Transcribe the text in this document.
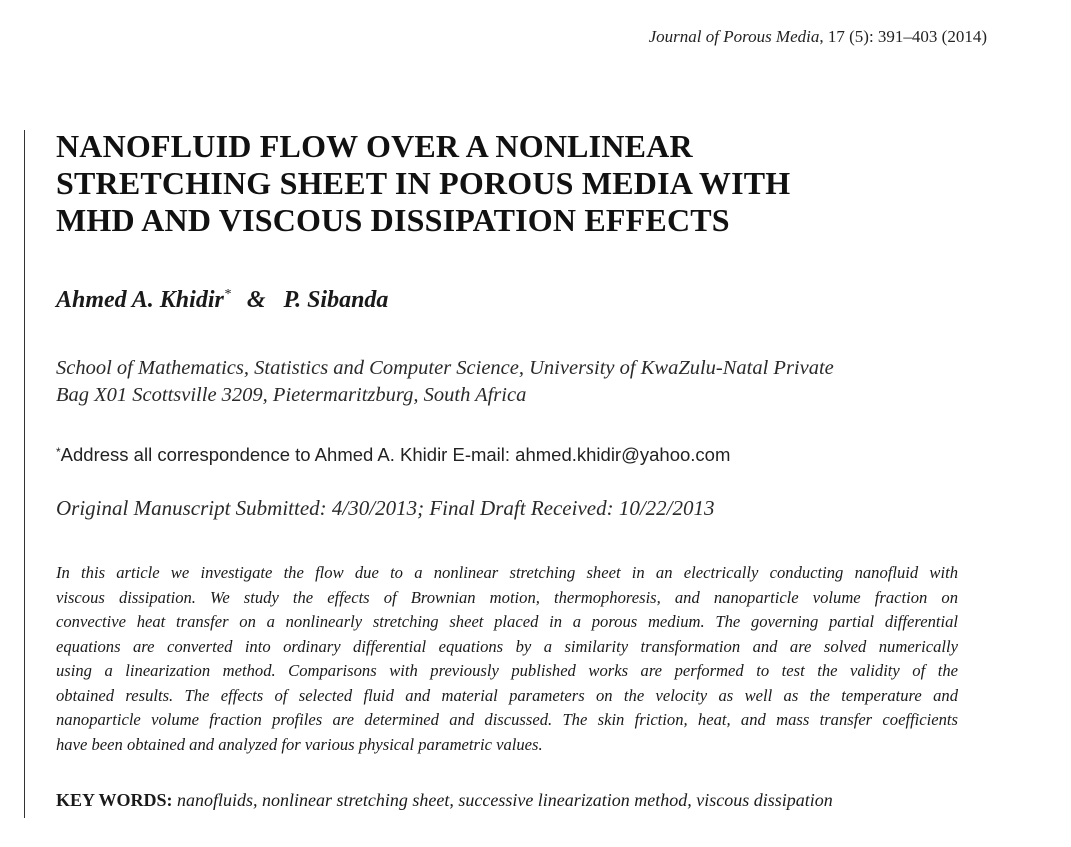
Journal of Porous Media, 17 (5): 391–403 (2014)
NANOFLUID FLOW OVER A NONLINEAR
STRETCHING SHEET IN POROUS MEDIA WITH
MHD AND VISCOUS DISSIPATION EFFECTS
Ahmed A. Khidir* & P. Sibanda
School of Mathematics, Statistics and Computer Science, University of KwaZulu-Natal Private
Bag X01 Scottsville 3209, Pietermaritzburg, South Africa
*Address all correspondence to Ahmed A. Khidir E-mail: ahmed.khidir@yahoo.com
Original Manuscript Submitted: 4/30/2013; Final Draft Received: 10/22/2013
In this article we investigate the flow due to a nonlinear stretching sheet in an electrically conducting nanofluid with
viscous dissipation. We study the effects of Brownian motion, thermophoresis, and nanoparticle volume fraction on
convective heat transfer on a nonlinearly stretching sheet placed in a porous medium. The governing partial differential
equations are converted into ordinary differential equations by a similarity transformation and are solved numerically
using a linearization method. Comparisons with previously published works are performed to test the validity of the
obtained results. The effects of selected fluid and material parameters on the velocity as well as the temperature and
nanoparticle volume fraction profiles are determined and discussed. The skin friction, heat, and mass transfer coefficients
have been obtained and analyzed for various physical parametric values.
KEY WORDS: nanofluids, nonlinear stretching sheet, successive linearization method, viscous dissipation
